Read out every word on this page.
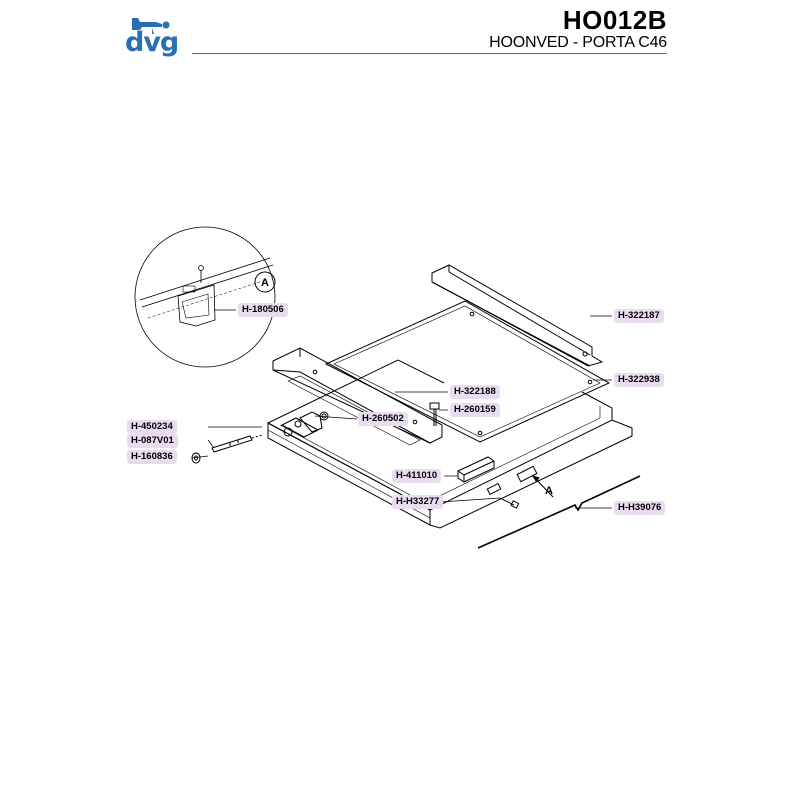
dvg
HO012B
HOONVED - PORTA C46
A
A
H-180506
H-322187
H-322938
H-322188
H-260159
H-260502
H-450234
H-087V01
H-160836
H-411010
H-H33277
H-H39076
